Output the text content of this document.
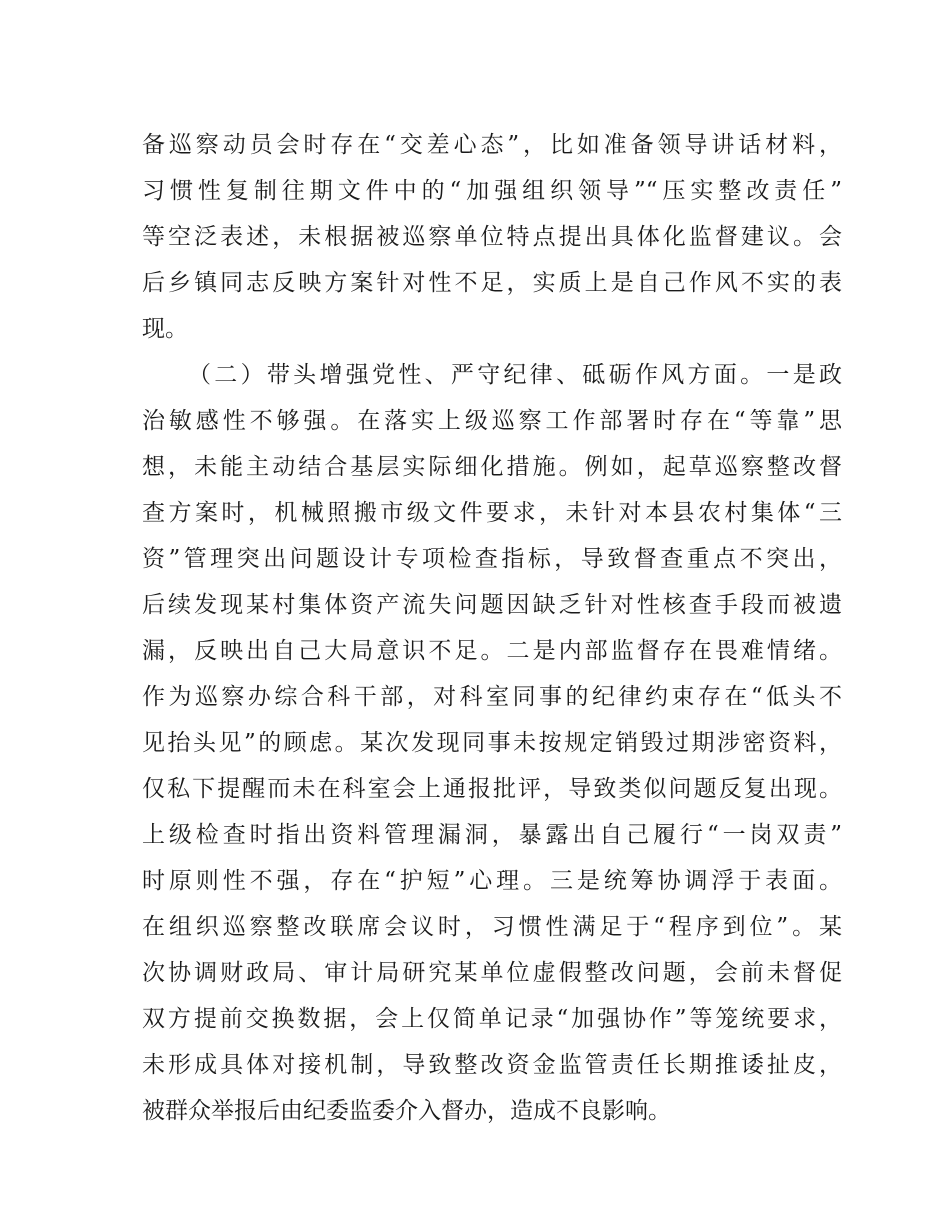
备巡察动员会时存在“交差心态”，比如准备领导讲话材料，
习惯性复制往期文件中的“加强组织领导”“压实整改责任”
等空泛表述，未根据被巡察单位特点提出具体化监督建议。会
后乡镇同志反映方案针对性不足，实质上是自己作风不实的表
现。
（二）带头增强党性、严守纪律、砥砺作风方面。一是政
治敏感性不够强。在落实上级巡察工作部署时存在“等靠”思
想，未能主动结合基层实际细化措施。例如，起草巡察整改督
查方案时，机械照搬市级文件要求，未针对本县农村集体“三
资”管理突出问题设计专项检查指标，导致督查重点不突出，
后续发现某村集体资产流失问题因缺乏针对性核查手段而被遗
漏，反映出自己大局意识不足。二是内部监督存在畏难情绪。
作为巡察办综合科干部，对科室同事的纪律约束存在“低头不
见抬头见”的顾虑。某次发现同事未按规定销毁过期涉密资料，
仅私下提醒而未在科室会上通报批评，导致类似问题反复出现。
上级检查时指出资料管理漏洞，暴露出自己履行“一岗双责”
时原则性不强，存在“护短”心理。三是统筹协调浮于表面。
在组织巡察整改联席会议时，习惯性满足于“程序到位”。某
次协调财政局、审计局研究某单位虚假整改问题，会前未督促
双方提前交换数据，会上仅简单记录“加强协作”等笼统要求，
未形成具体对接机制，导致整改资金监管责任长期推诿扯皮，
被群众举报后由纪委监委介入督办，造成不良影响。
